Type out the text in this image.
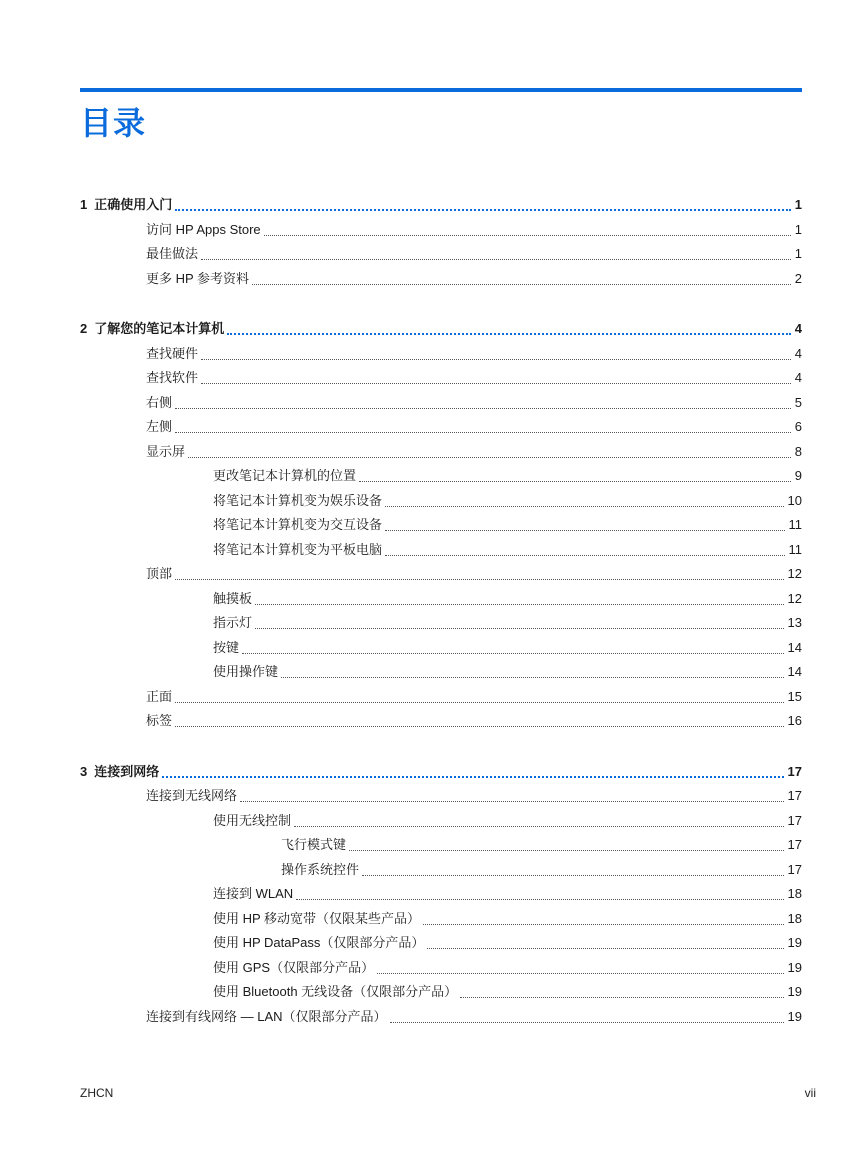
目录
1 正确使用入门	1
访问 HP Apps Store	1
最佳做法	1
更多 HP 参考资料	2
2 了解您的笔记本计算机	4
查找硬件	4
查找软件	4
右侧	5
左侧	6
显示屏	8
更改笔记本计算机的位置	9
将笔记本计算机变为娱乐设备	10
将笔记本计算机变为交互设备	11
将笔记本计算机变为平板电脑	11
顶部	12
触摸板	12
指示灯	13
按键	14
使用操作键	14
正面	15
标签	16
3 连接到网络	17
连接到无线网络	17
使用无线控制	17
飞行模式键	17
操作系统控件	17
连接到 WLAN	18
使用 HP 移动宽带（仅限某些产品）	18
使用 HP DataPass（仅限部分产品）	19
使用 GPS（仅限部分产品）	19
使用 Bluetooth 无线设备（仅限部分产品）	19
连接到有线网络 — LAN（仅限部分产品）	19
ZHCN	vii
